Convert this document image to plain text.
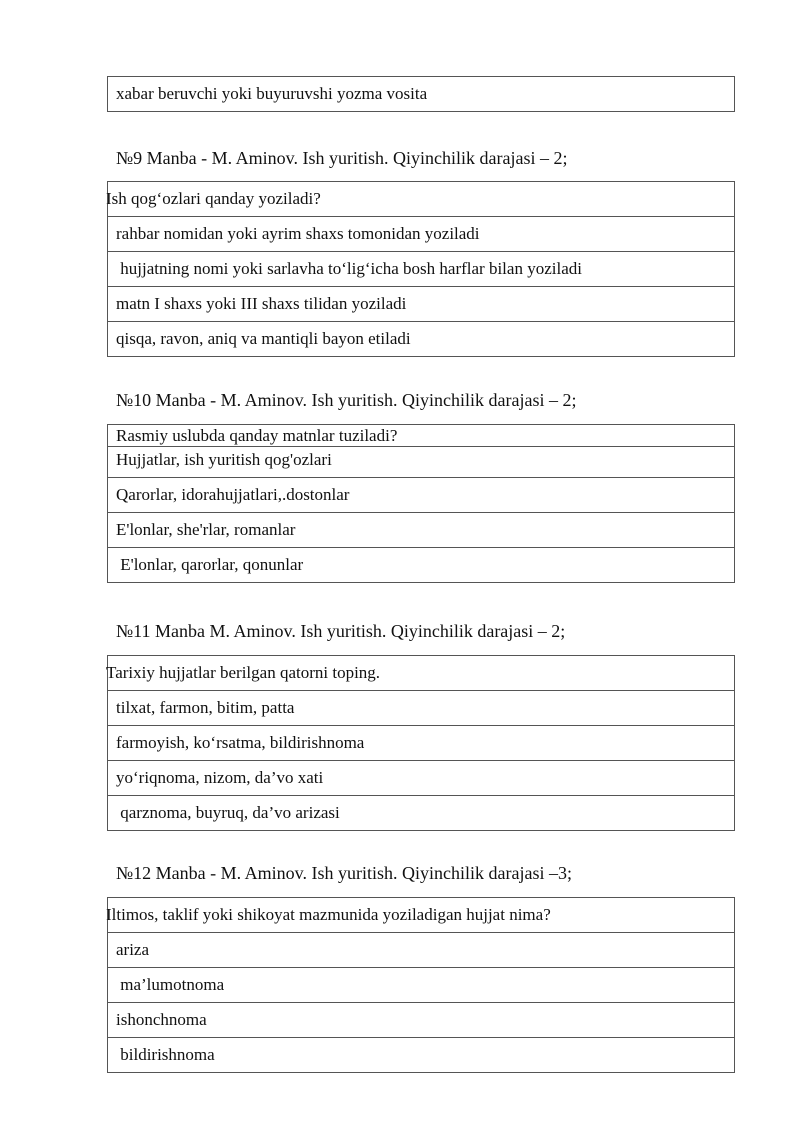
xabar beruvchi yoki buyuruvshi yozma vosita
№9 Manba - M. Aminov. Ish yuritish. Qiyinchilik darajasi – 2;
Ish qog‘ozlari qanday yoziladi?
rahbar nomidan yoki ayrim shaxs tomonidan yoziladi
hujjatning nomi yoki sarlavha to‘lig‘icha bosh harflar bilan yoziladi
matn I shaxs yoki III shaxs tilidan yoziladi
qisqa, ravon, aniq va mantiqli bayon etiladi
№10 Manba - M. Aminov. Ish yuritish. Qiyinchilik darajasi – 2;
Rasmiy uslubda qanday matnlar tuziladi?
Hujjatlar, ish yuritish qog'ozlari
Qarorlar, idorahujjatlari,.dostonlar
E'lonlar, she'rlar, romanlar
E'lonlar, qarorlar, qonunlar
№11 Manba M. Aminov. Ish yuritish. Qiyinchilik darajasi – 2;
Tarixiy hujjatlar berilgan qatorni toping.
tilxat, farmon, bitim, patta
farmoyish, ko‘rsatma, bildirishnoma
yo‘riqnoma, nizom, da’vo xati
qarznoma, buyruq, da’vo arizasi
№12 Manba - M. Aminov. Ish yuritish. Qiyinchilik darajasi –3;
Iltimos, taklif yoki shikoyat mazmunida yoziladigan hujjat nima?
ariza
ma’lumotnoma
ishonchnoma
bildirishnoma
